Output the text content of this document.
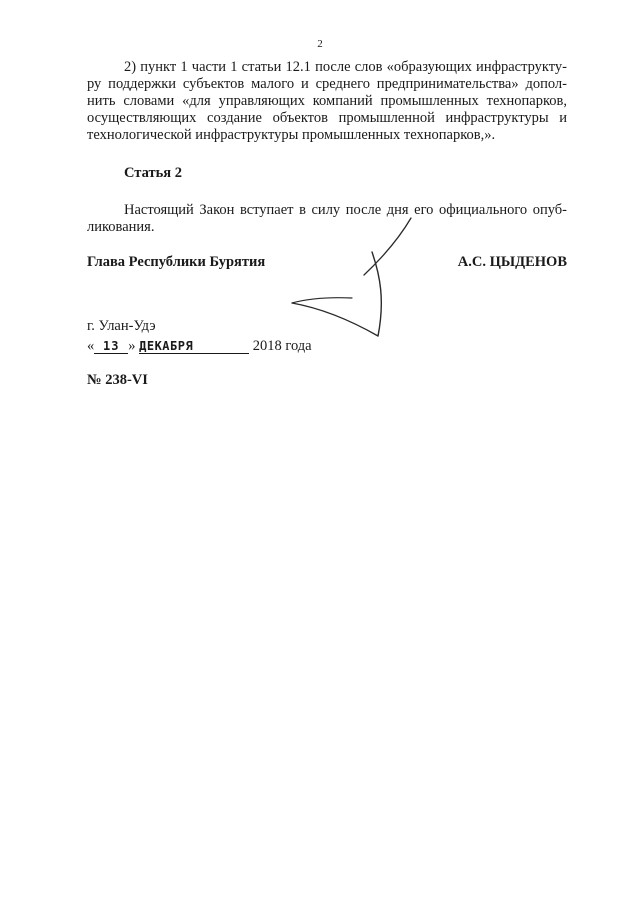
2
2) пункт 1 части 1 статьи 12.1 после слов «образующих инфраструкту-
ру поддержки субъектов малого и среднего предпринимательства» допол-
нить словами «для управляющих компаний промышленных технопарков,
осуществляющих создание объектов промышленной инфраструктуры и
технологической инфраструктуры промышленных технопарков,».
Статья 2
Настоящий Закон вступает в силу после дня его официального опуб-
ликования.
Глава Республики Бурятия	А.С. ЦЫДЕНОВ
г. Улан-Удэ
« 13 » ДЕКАБРЯ	2018 года
№ 238-VI
